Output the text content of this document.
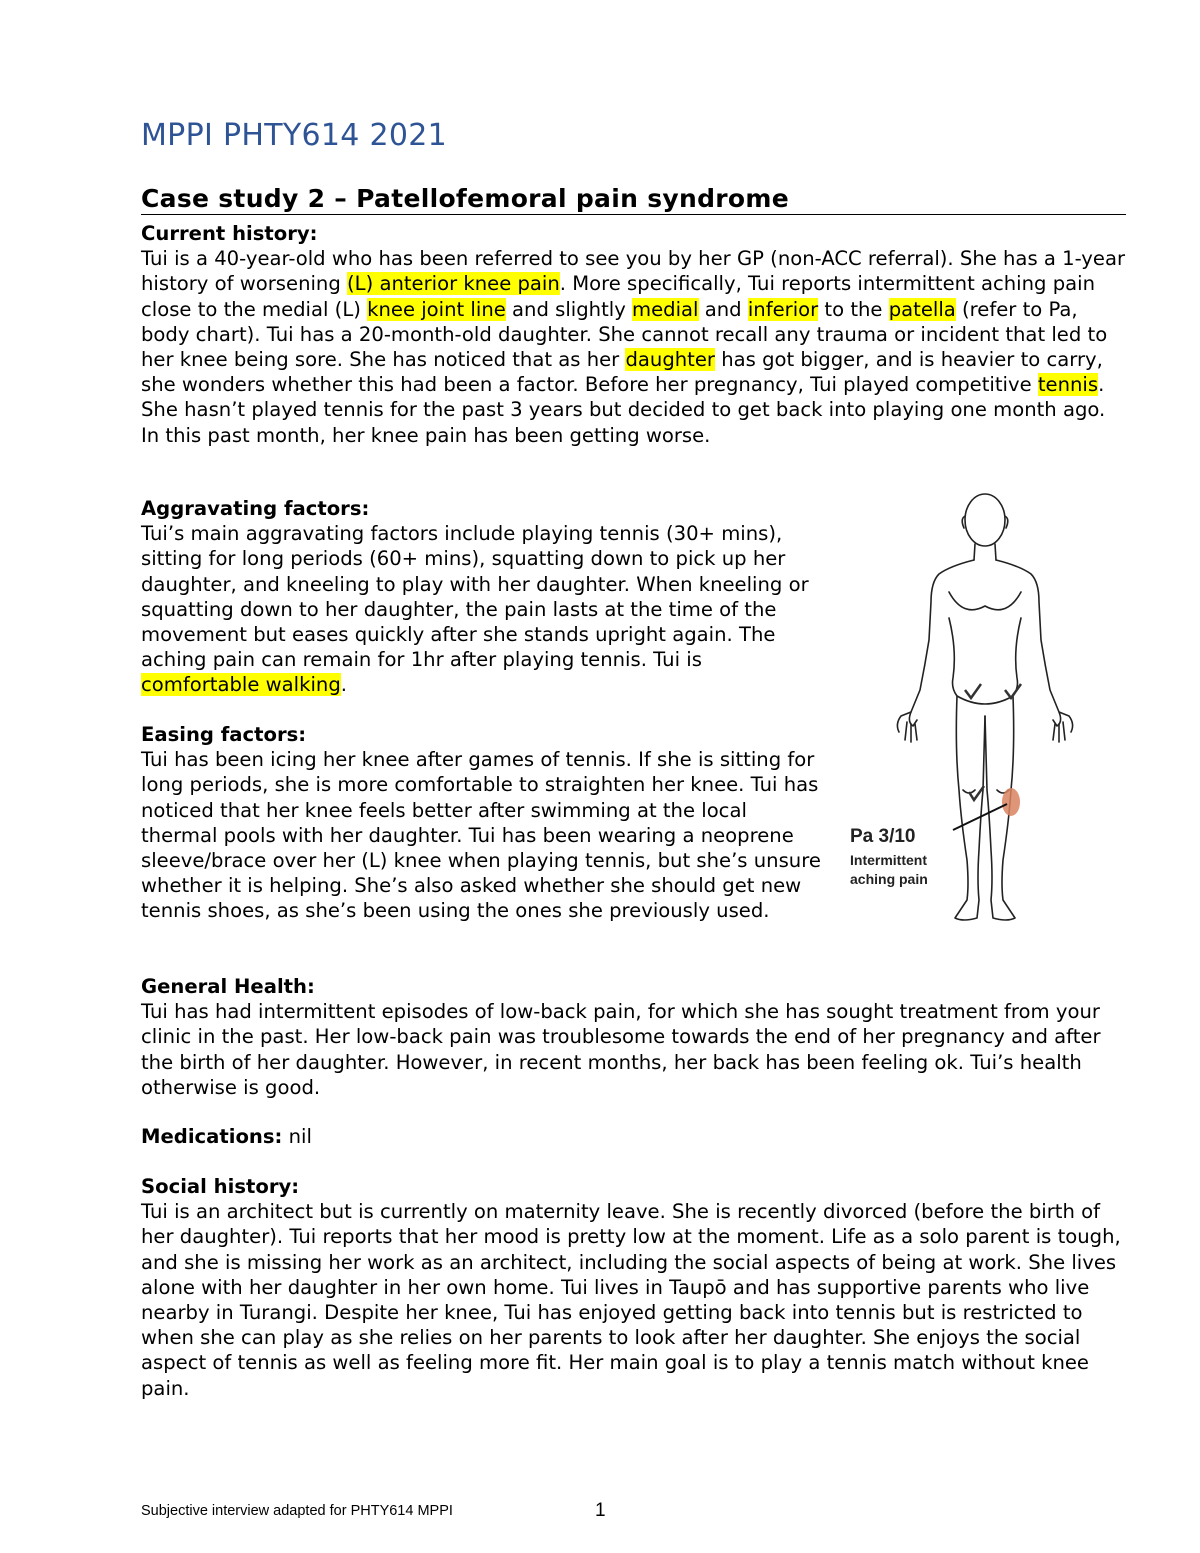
MPPI PHTY614 2021
Case study 2 – Patellofemoral pain syndrome

Current history:

Tui is a 40-year-old who has been referred to see you by her GP (non-ACC referral). She has a 1-year history of worsening (L) anterior knee pain. More specifically, Tui reports intermittent aching pain close to the medial (L) knee joint line and slightly medial and inferior to the patella (refer to Pa, body chart). Tui has a 20-month-old daughter. She cannot recall any trauma or incident that led to her knee being sore. She has noticed that as her daughter has got bigger, and is heavier to carry, she wonders whether this had been a factor. Before her pregnancy, Tui played competitive tennis. She hasn’t played tennis for the past 3 years but decided to get back into playing one month ago. In this past month, her knee pain has been getting worse.

Aggravating factors:

Tui’s main aggravating factors include playing tennis (30+ mins), sitting for long periods (60+ mins), squatting down to pick up her daughter, and kneeling to play with her daughter. When kneeling or squatting down to her daughter, the pain lasts at the time of the movement but eases quickly after she stands upright again. The aching pain can remain for 1hr after playing tennis. Tui is comfortable walking.

Easing factors:

Tui has been icing her knee after games of tennis. If she is sitting for long periods, she is more comfortable to straighten her knee. Tui has noticed that her knee feels better after swimming at the local thermal pools with her daughter. Tui has been wearing a neoprene sleeve/brace over her (L) knee when playing tennis, but she’s unsure whether it is helping. She’s also asked whether she should get new tennis shoes, as she’s been using the ones she previously used.

General Health:

Tui has had intermittent episodes of low-back pain, for which she has sought treatment from your clinic in the past. Her low-back pain was troublesome towards the end of her pregnancy and after the birth of her daughter. However, in recent months, her back has been feeling ok. Tui’s health otherwise is good.

Medications: nil

Social history:

Tui is an architect but is currently on maternity leave. She is recently divorced (before the birth of her daughter). Tui reports that her mood is pretty low at the moment. Life as a solo parent is tough, and she is missing her work as an architect, including the social aspects of being at work. She lives alone with her daughter in her own home. Tui lives in Taupō and has supportive parents who live nearby in Turangi. Despite her knee, Tui has enjoyed getting back into tennis but is restricted to when she can play as she relies on her parents to look after her daughter. She enjoys the social aspect of tennis as well as feeling more fit. Her main goal is to play a tennis match without knee pain.

Pa 3/10
Intermittent aching pain
Subjective interview adapted for PHTY614 MPPI	1
